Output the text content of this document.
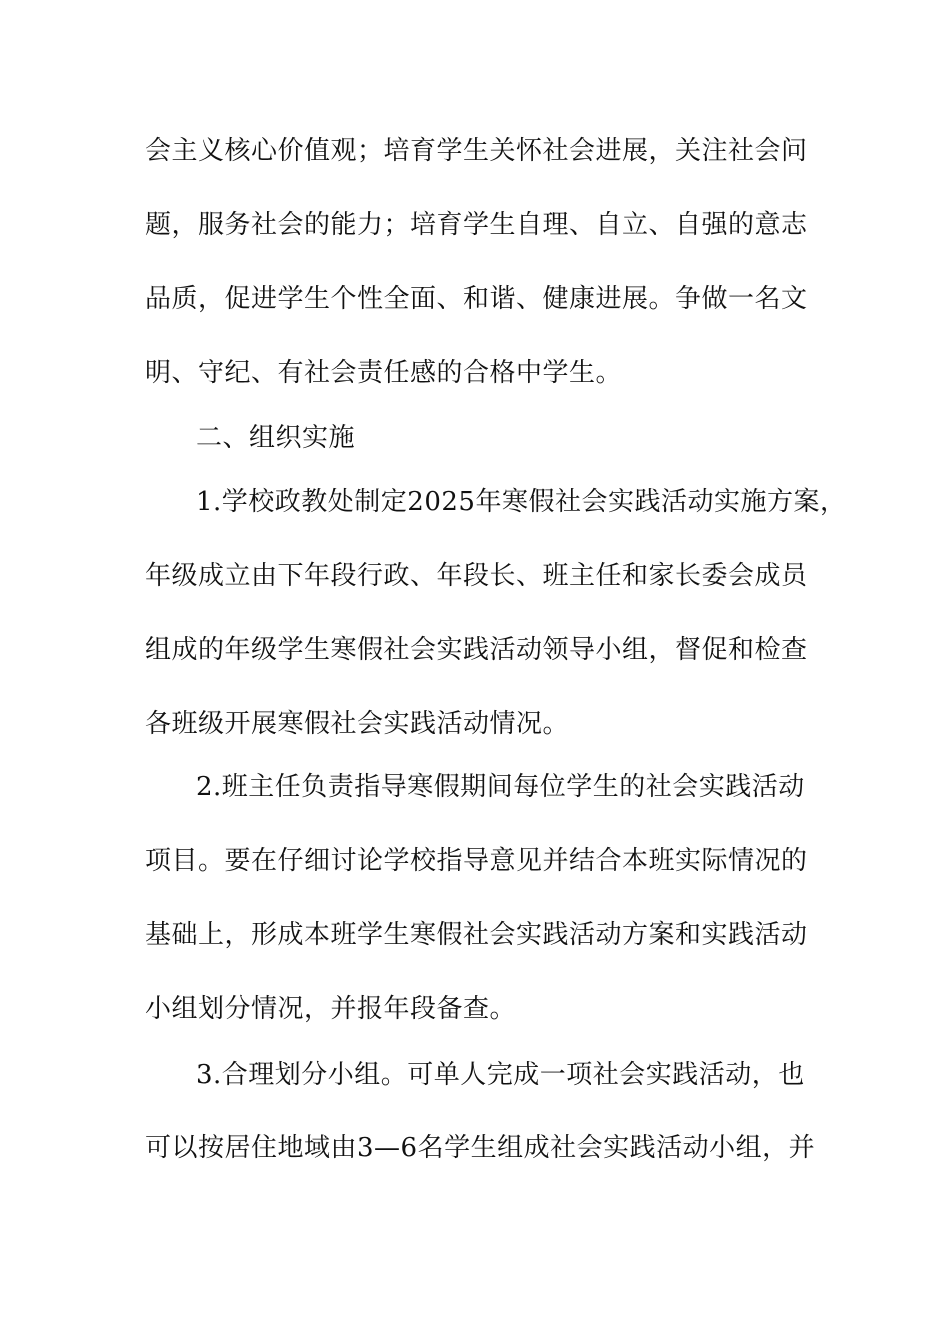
会主义核心价值观；培育学生关怀社会进展，关注社会问
题，服务社会的能力；培育学生自理、自立、自强的意志
品质，促进学生个性全面、和谐、健康进展。争做一名文
明、守纪、有社会责任感的合格中学生。
二、组织实施
1.学校政教处制定2025年寒假社会实践活动实施方案，
年级成立由下年段行政、年段长、班主任和家长委会成员
组成的年级学生寒假社会实践活动领导小组，督促和检查
各班级开展寒假社会实践活动情况。
2.班主任负责指导寒假期间每位学生的社会实践活动
项目。要在仔细讨论学校指导意见并结合本班实际情况的
基础上，形成本班学生寒假社会实践活动方案和实践活动
小组划分情况，并报年段备查。
3.合理划分小组。可单人完成一项社会实践活动，也
可以按居住地域由3—6名学生组成社会实践活动小组，并
